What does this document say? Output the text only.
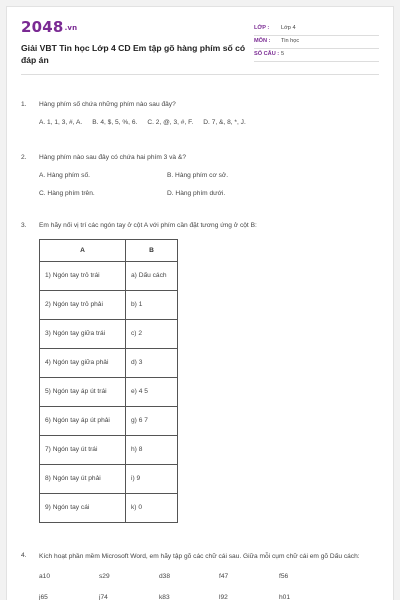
2048.vn
Giải VBT Tin học Lớp 4 CD Em tập gõ hàng phím số có đáp án
LỚP :	Lớp 4
MÔN :	Tin học
SỐ CÂU : 5
1.	Hàng phím số chứa những phím nào sau đây?
A. 1, 1, 3, #, A. B. 4, $, 5, %, 6. C. 2, @, 3, #, F. D. 7, &, 8, *, J.
2.	Hàng phím nào sau đây có chứa hai phím 3 và &?
A. Hàng phím số.	B. Hàng phím cơ sở.
C. Hàng phím trên.	D. Hàng phím dưới.
3.	Em hãy nối vị trí các ngón tay ở cột A với phím cần đặt tương ứng ở cột B:
A	B
1) Ngón tay trỏ trái	a) Dấu cách
2) Ngón tay trỏ phải	b) 1
3) Ngón tay giữa trái	c) 2
4) Ngón tay giữa phải	d) 3
5) Ngón tay áp út trái	e) 4 5
6) Ngón tay áp út phải	g) 6 7
7) Ngón tay út trái	h) 8
8) Ngón tay út phải	i) 9
9) Ngón tay cái	k) 0
4.	Kích hoạt phần mềm Microsoft Word, em hãy tập gõ các chữ cái sau. Giữa mỗi cụm chữ cái em gõ Dấu cách:
a10	s29	d38	f47	f56
j65	j74	k83	l92	h01
